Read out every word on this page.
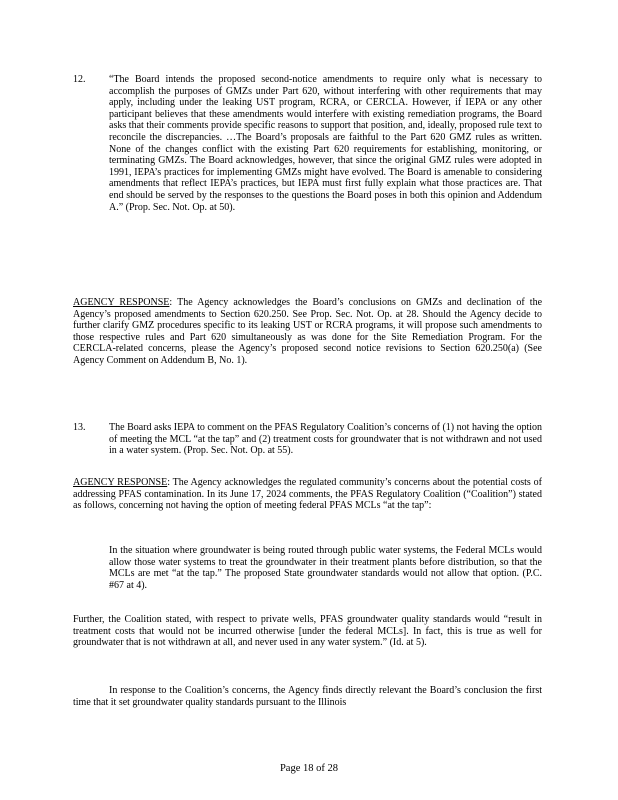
12. “The Board intends the proposed second-notice amendments to require only what is necessary to accomplish the purposes of GMZs under Part 620, without interfering with other requirements that may apply, including under the leaking UST program, RCRA, or CERCLA. However, if IEPA or any other participant believes that these amendments would interfere with existing remediation programs, the Board asks that their comments provide specific reasons to support that position, and, ideally, proposed rule text to reconcile the discrepancies. …The Board’s proposals are faithful to the Part 620 GMZ rules as written. None of the changes conflict with the existing Part 620 requirements for establishing, monitoring, or terminating GMZs. The Board acknowledges, however, that since the original GMZ rules were adopted in 1991, IEPA’s practices for implementing GMZs might have evolved. The Board is amenable to considering amendments that reflect IEPA’s practices, but IEPA must first fully explain what those practices are. That end should be served by the responses to the questions the Board poses in both this opinion and Addendum A.” (Prop. Sec. Not. Op. at 50).

AGENCY RESPONSE: The Agency acknowledges the Board’s conclusions on GMZs and declination of the Agency’s proposed amendments to Section 620.250. See Prop. Sec. Not. Op. at 28. Should the Agency decide to further clarify GMZ procedures specific to its leaking UST or RCRA programs, it will propose such amendments to those respective rules and Part 620 simultaneously as was done for the Site Remediation Program. For the CERCLA-related concerns, please the Agency’s proposed second notice revisions to Section 620.250(a) (See Agency Comment on Addendum B, No. 1).

13. The Board asks IEPA to comment on the PFAS Regulatory Coalition’s concerns of (1) not having the option of meeting the MCL “at the tap” and (2) treatment costs for groundwater that is not withdrawn and not used in a water system. (Prop. Sec. Not. Op. at 55).

AGENCY RESPONSE: The Agency acknowledges the regulated community’s concerns about the potential costs of addressing PFAS contamination. In its June 17, 2024 comments, the PFAS Regulatory Coalition (“Coalition”) stated as follows, concerning not having the option of meeting federal PFAS MCLs “at the tap”:

In the situation where groundwater is being routed through public water systems, the Federal MCLs would allow those water systems to treat the groundwater in their treatment plants before distribution, so that the MCLs are met “at the tap.” The proposed State groundwater standards would not allow that option. (P.C. #67 at 4).

Further, the Coalition stated, with respect to private wells, PFAS groundwater quality standards would “result in treatment costs that would not be incurred otherwise [under the federal MCLs]. In fact, this is true as well for groundwater that is not withdrawn at all, and never used in any water system.” (Id. at 5).

In response to the Coalition’s concerns, the Agency finds directly relevant the Board’s conclusion the first time that it set groundwater quality standards pursuant to the Illinois

Page 18 of 28
